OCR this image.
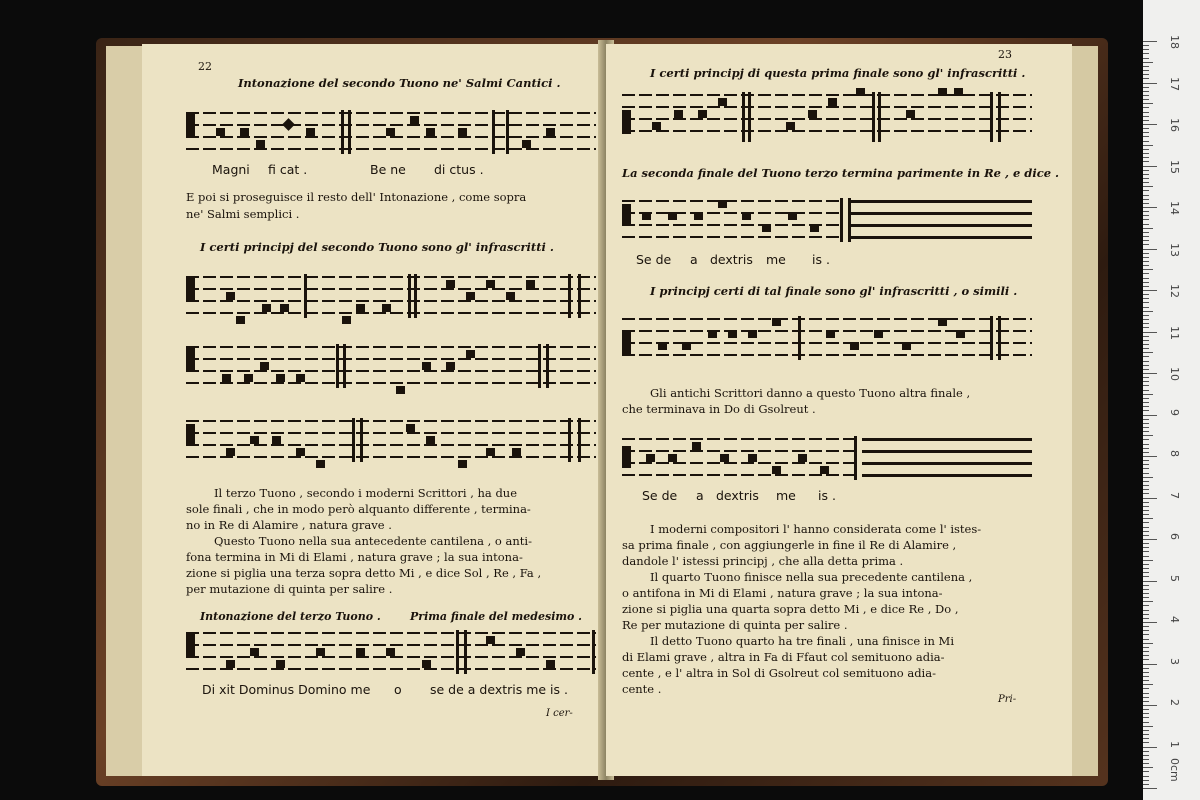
22
Intonazione del secondo Tuono ne' Salmi Cantici .
Magni fi cat .	Be ne di ctus .
E poi si proseguisce il resto dell' Intonazione , come sopra
ne' Salmi semplici .
I certi principj del secondo Tuono sono gl' infrascritti .
Il terzo Tuono , secondo i moderni Scrittori , ha due
sole finali , che in modo però alquanto differente , termina-
no in Re di Alamire , natura grave .
Questo Tuono nella sua antecedente cantilena , o anti-
fona termina in Mi di Elami , natura grave ; la sua intona-
zione si piglia una terza sopra detto Mi , e dice Sol , Re , Fa ,
per mutazione di quinta per salire .
Intonazione del terzo Tuono .	Prima finale del medesimo .
Di xit Dominus Domino me o se de a dextris me is .
I cer-
23
I certi principj di questa prima finale sono gl' infrascritti .
La seconda finale del Tuono terzo termina parimente in Re , e dice .
Se de a dextris me is .
I principj certi di tal finale sono gl' infrascritti , o simili .
Gli antichi Scrittori danno a questo Tuono altra finale ,
che terminava in Do di Gsolreut .
Se de a dextris me is .
I moderni compositori l' hanno considerata come l' istes-
sa prima finale , con aggiungerle in fine il Re di Alamire ,
dandole l' istessi principj , che alla detta prima .
Il quarto Tuono finisce nella sua precedente cantilena ,
o antifona in Mi di Elami , natura grave ; la sua intona-
zione si piglia una quarta sopra detto Mi , e dice Re , Do ,
Re per mutazione di quinta per salire .
Il detto Tuono quarto ha tre finali , una finisce in Mi
di Elami grave , altra in Fa di Ffaut col semituono adia-
cente , e l' altra in Sol di Gsolreut col semituono adia-
cente .
Pri-
0cm
1
2
3
4
5
6
7
8
9
10
11
12
13
14
15
16
17
18
